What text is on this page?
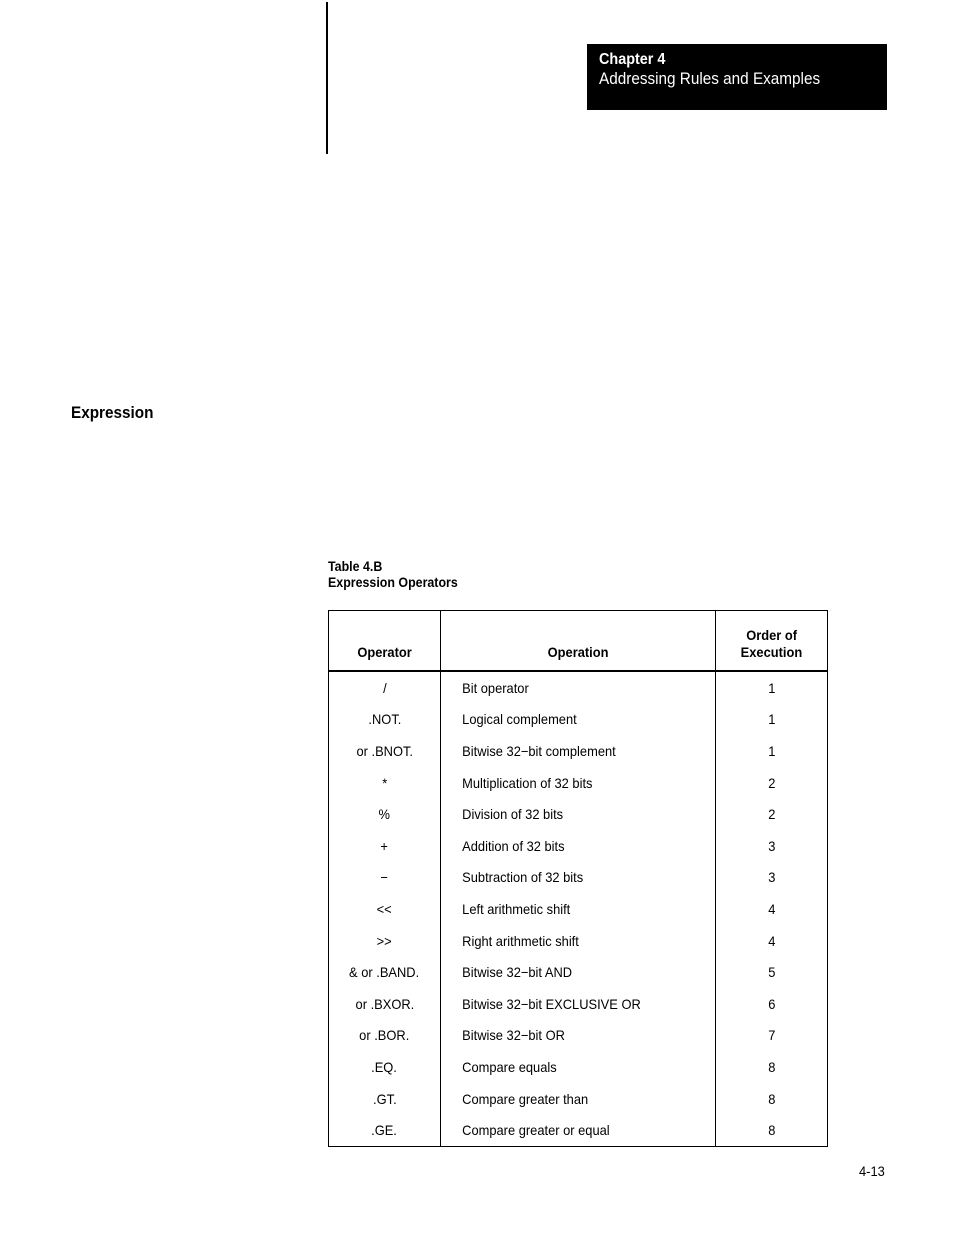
Chapter 4
Addressing Rules and Examples
Expression
Table 4.B
Expression Operators
Operator	Operation	Order of
Execution
/	Bit operator	1
.NOT.	Logical complement	1
or .BNOT.	Bitwise 32−bit complement	1
*	Multiplication of 32 bits	2
%	Division of 32 bits	2
+	Addition of 32 bits	3
−	Subtraction of 32 bits	3
<<	Left arithmetic shift	4
>>	Right arithmetic shift	4
& or .BAND.	Bitwise 32−bit AND	5
or .BXOR.	Bitwise 32−bit EXCLUSIVE OR	6
or .BOR.	Bitwise 32−bit OR	7
.EQ.	Compare equals	8
.GT.	Compare greater than	8
.GE.	Compare greater or equal	8
4-13
